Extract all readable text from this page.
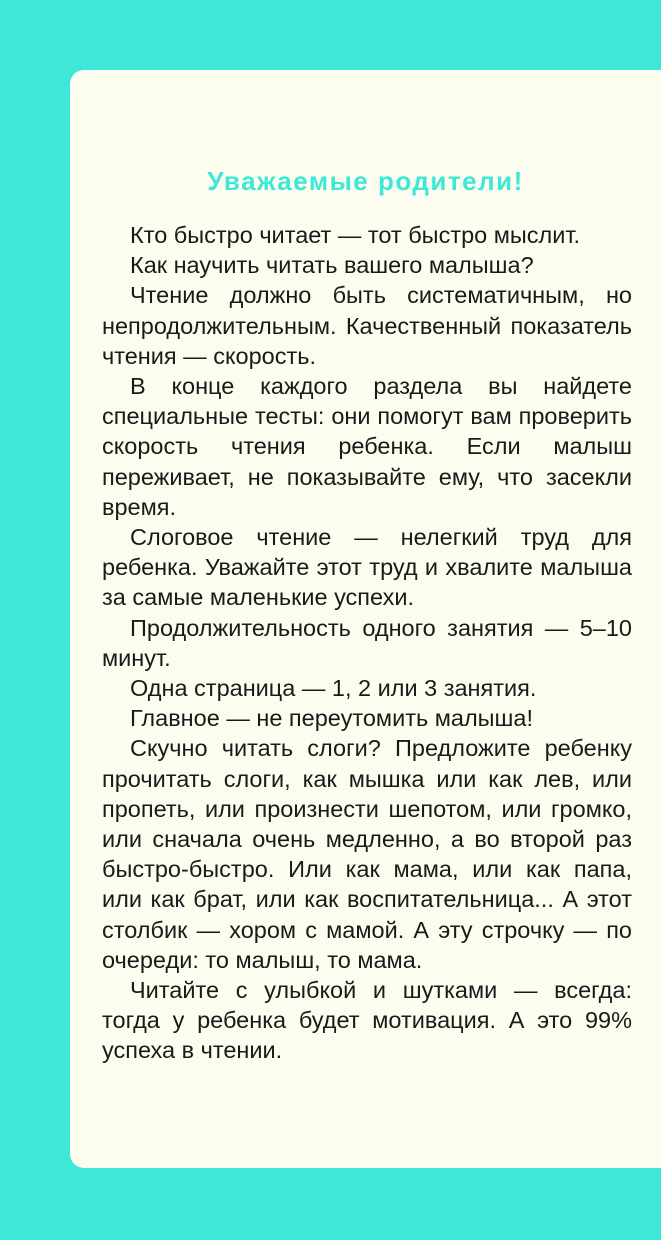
Уважаемые родители!

Кто быстро читает — тот быстро мыслит.

Как научить читать вашего малыша?

Чтение должно быть систематичным, но непродолжительным. Качественный показатель чтения — скорость.

В конце каждого раздела вы найдете специальные тесты: они помогут вам проверить скорость чтения ребенка. Если малыш переживает, не показывайте ему, что засекли время.

Слоговое чтение — нелегкий труд для ребенка. Уважайте этот труд и хвалите малыша за самые маленькие успехи.

Продолжительность одного занятия — 5–10 минут.

Одна страница — 1, 2 или 3 занятия.

Главное — не переутомить малыша!

Скучно читать слоги? Предложите ребенку прочитать слоги, как мышка или как лев, или пропеть, или произнести шепотом, или громко, или сначала очень медленно, а во второй раз быстро-быстро. Или как мама, или как папа, или как брат, или как воспитательница... А этот столбик — хором с мамой. А эту строчку — по очереди: то малыш, то мама.

Читайте с улыбкой и шутками — всегда: тогда у ребенка будет мотивация. А это 99% успеха в чтении.
